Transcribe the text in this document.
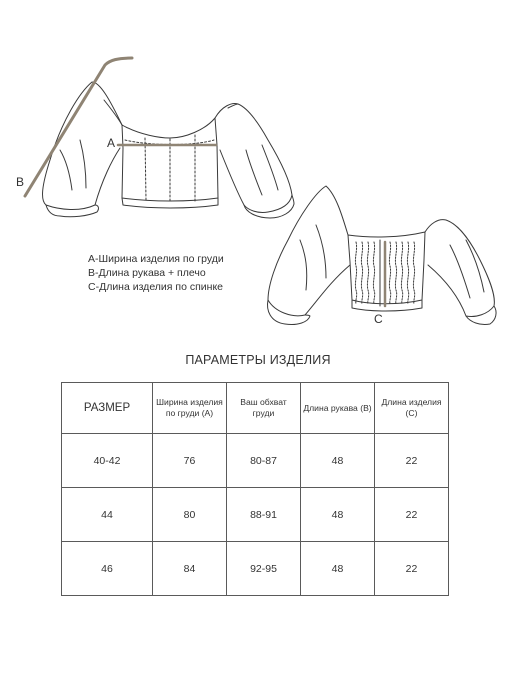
A
B
C
A-Ширина изделия по груди
B-Длина рукава + плечо
C-Длина изделия по спинке
ПАРАМЕТРЫ ИЗДЕЛИЯ
РАЗМЕР	Ширина изделия по груди (А)	Ваш обхват груди	Длина рукава (В)	Длина изделия (С)
40-42	76	80-87	48	22
44	80	88-91	48	22
46	84	92-95	48	22
